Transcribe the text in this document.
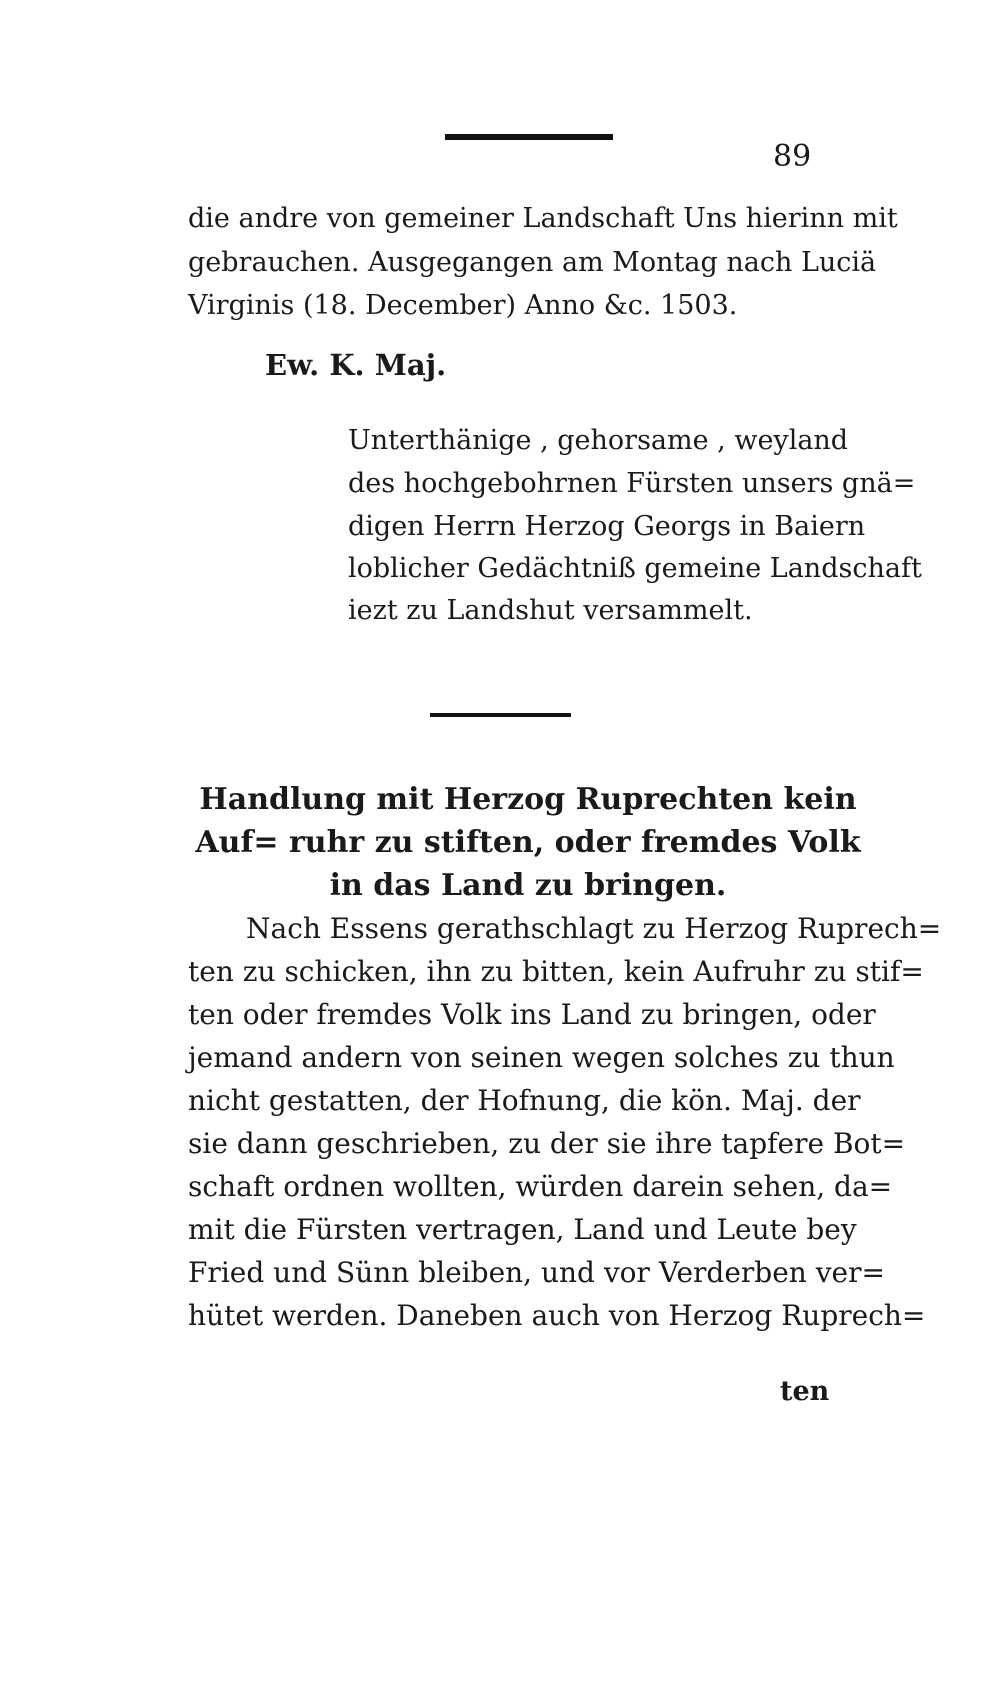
89
die andre von gemeiner Landschaft Uns hierinn mit
gebrauchen. Ausgegangen am Montag nach Luciä
Virginis (18. December) Anno &c. 1503.
Ew. K. Maj.
Unterthänige , gehorsame , weyland
des hochgebohrnen Fürsten unsers gnä=
digen Herrn Herzog Georgs in Baiern
loblicher Gedächtniß gemeine Landschaft
iezt zu Landshut versammelt.
Handlung mit Herzog Ruprechten kein Auf= ruhr zu stiften, oder fremdes Volk in das Land zu bringen.
Nach Essens gerathschlagt zu Herzog Ruprech=
ten zu schicken, ihn zu bitten, kein Aufruhr zu stif=
ten oder fremdes Volk ins Land zu bringen, oder
jemand andern von seinen wegen solches zu thun
nicht gestatten, der Hofnung, die kön. Maj. der
sie dann geschrieben, zu der sie ihre tapfere Bot=
schaft ordnen wollten, würden darein sehen, da=
mit die Fürsten vertragen, Land und Leute bey
Fried und Sünn bleiben, und vor Verderben ver=
hütet werden. Daneben auch von Herzog Ruprech=
ten
